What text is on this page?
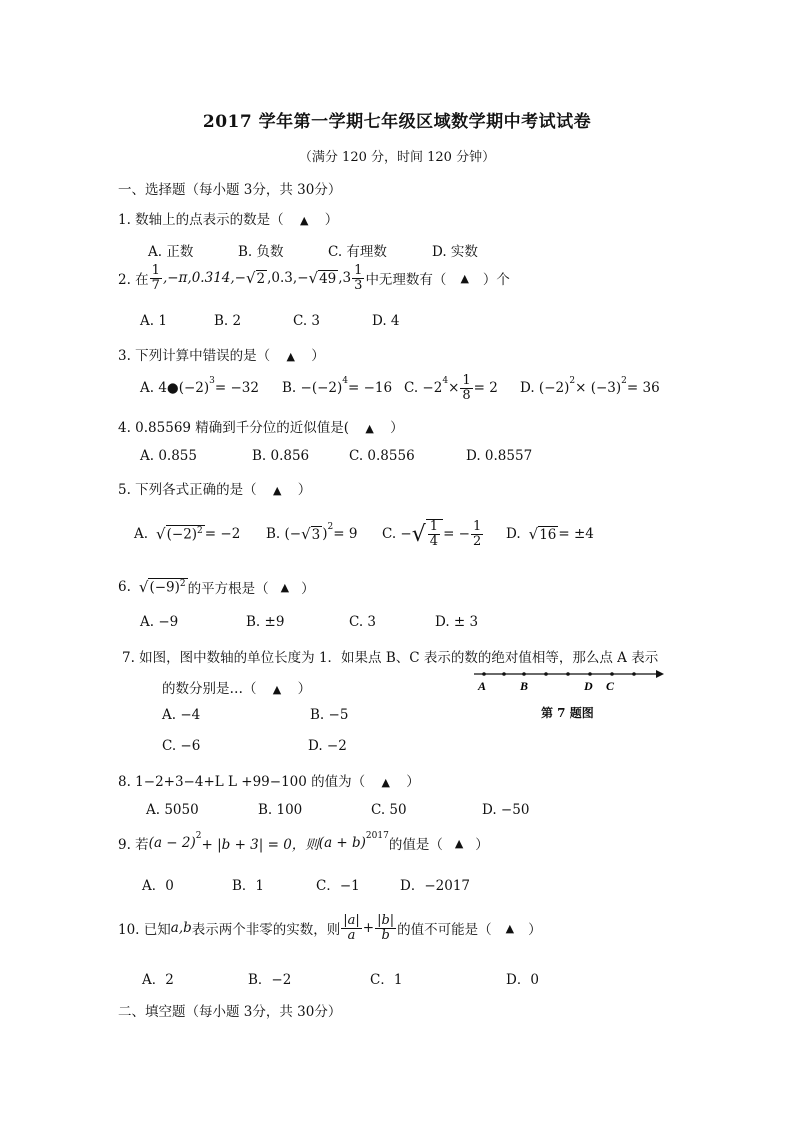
2017 学年第一学期七年级区域数学期中考试试卷
（满分 120 分，时间 120 分钟）
一、选择题（每小题 3分，共 30分）
1. 数轴上的点表示的数是（ ▲ ）
A. 正数	B. 负数	C. 有理数	D. 实数
2. 在 $\frac{1}{7} ,-\pi,0.314,-$ √ 2 ,0.3,− √ 49 $,3 \frac{1}{3}$ 中无理数有（ ▲ ）个
A. 1	B. 2	C. 3	D. 4
3. 下列计算中错误的是（ ▲ ）
A. $4●(-2)^3 = -32$ B. $-(-2)^4 = -16$ C. $-2^4 \times \frac{1}{8} = 2$ D. $(-2)^2 \times (-3)^2 = 36$
4. 0.85569 精确到千分位的近似值是( ▲ ）
A. 0.855	B. 0.856	C. 0.8556	D. 0.8557
5. 下列各式正确的是（ ▲ ）
A. √ $(-2)^2 = -2$ B. (− √ 3 )$^2$ = 9 C. − √ $\frac{1}{4}$ = − $\frac{1}{2} D$. √ 16 = ±4
6. √ $(-9)^2$ 的平方根是（ ▲ ）
A. −9	B. ±9	C. 3	D. ± 3
7. 如图，图中数轴的单位长度为 1．如果点 B、C 表示的数的绝对值相等，那么点 A 表示
的数分别是…（ ▲ ）
A. −4	B. −5
C. −6	D. −2
A	B	D C
第 7 题图
8. 1−2+3−4+L L +99−100 的值为（ ▲ ）
A. 5050	B. 100	C. 50	D. −50
9. 若 $(a - 2)^2$
+ |b + 3| = 0，则 $(a + b)^{2017}$
的值是（ ▲ ）
A．0	B．1	C．−1	D．−2017
10. 已知 a,b 表示两个非零的实数，则 $\frac{|a|}{a} + \frac{|b|}{b}$ 的值不可能是（ ▲ ）
A．2	B．−2	C．1	D．0
二、填空题（每小题 3分，共 30分）
